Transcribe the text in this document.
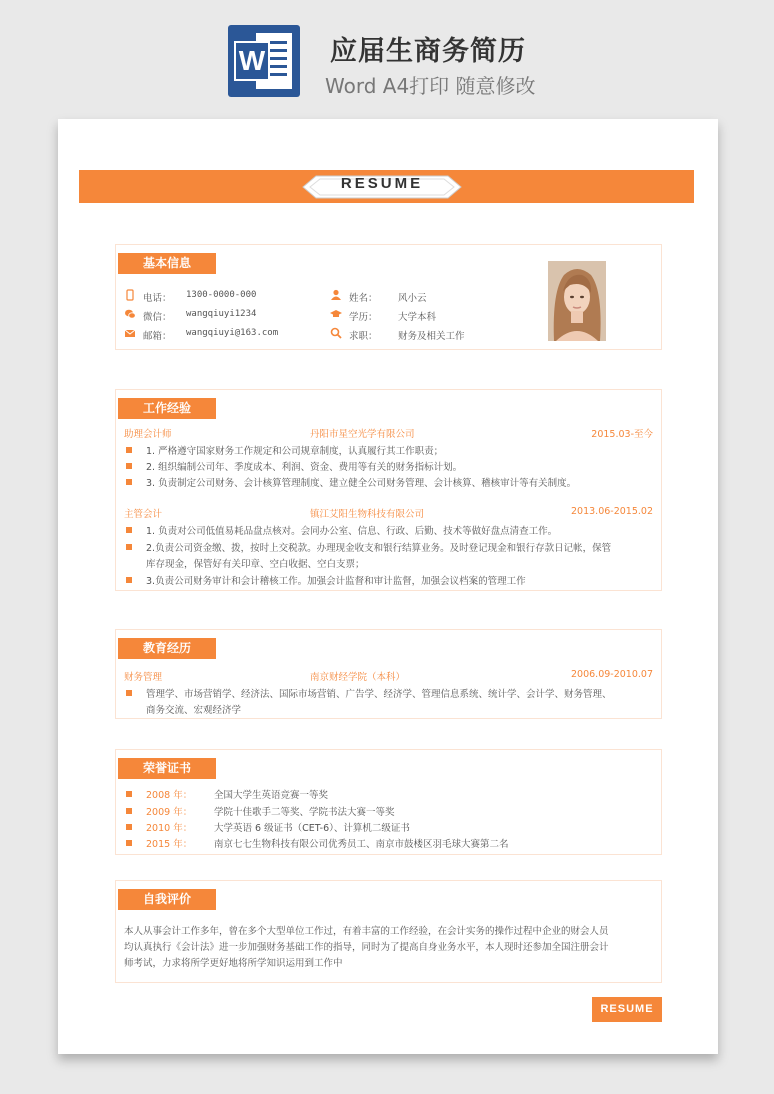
W 应届生商务简历
Word A4打印 随意修改
RESUME
基本信息
电话： 1300-0000-000
微信： wangqiuyi1234
邮箱： wangqiuyi@163.com
姓名： 风小云
学历： 大学本科
求职： 财务及相关工作
工作经验
助理会计师	丹阳市星空光学有限公司	2015.03-至今
1. 严格遵守国家财务工作规定和公司规章制度，认真履行其工作职责；
2. 组织编制公司年、季度成本、利润、资金、费用等有关的财务指标计划。
3. 负责制定公司财务、会计核算管理制度、建立健全公司财务管理、会计核算、稽核审计等有关制度。
主管会计	镇江艾阳生物科技有限公司	2013.06-2015.02
1. 负责对公司低值易耗品盘点核对。会同办公室、信息、行政、后勤、技术等做好盘点清查工作。
2.负责公司资金缴、拨，按时上交税款。办理现金收支和银行结算业务。及时登记现金和银行存款日记帐，保管
库存现金，保管好有关印章、空白收据、空白支票；
3.负责公司财务审计和会计稽核工作。加强会计监督和审计监督，加强会议档案的管理工作
教育经历
财务管理	南京财经学院（本科）	2006.09-2010.07
管理学、市场营销学、经济法、国际市场营销、广告学、经济学、管理信息系统、统计学、会计学、财务管理、
商务交流、宏观经济学
荣誉证书
2008 年： 全国大学生英语竞赛一等奖
2009 年： 学院十佳歌手二等奖、学院书法大赛一等奖
2010 年： 大学英语 6 级证书（CET-6）、计算机二级证书
2015 年： 南京七七生物科技有限公司优秀员工、南京市鼓楼区羽毛球大赛第二名
自我评价
本人从事会计工作多年，曾在多个大型单位工作过，有着丰富的工作经验，在会计实务的操作过程中企业的财会人员
均认真执行《会计法》进一步加强财务基础工作的指导，同时为了提高自身业务水平，本人现时还参加全国注册会计
师考试，力求将所学更好地将所学知识运用到工作中
RESUME
